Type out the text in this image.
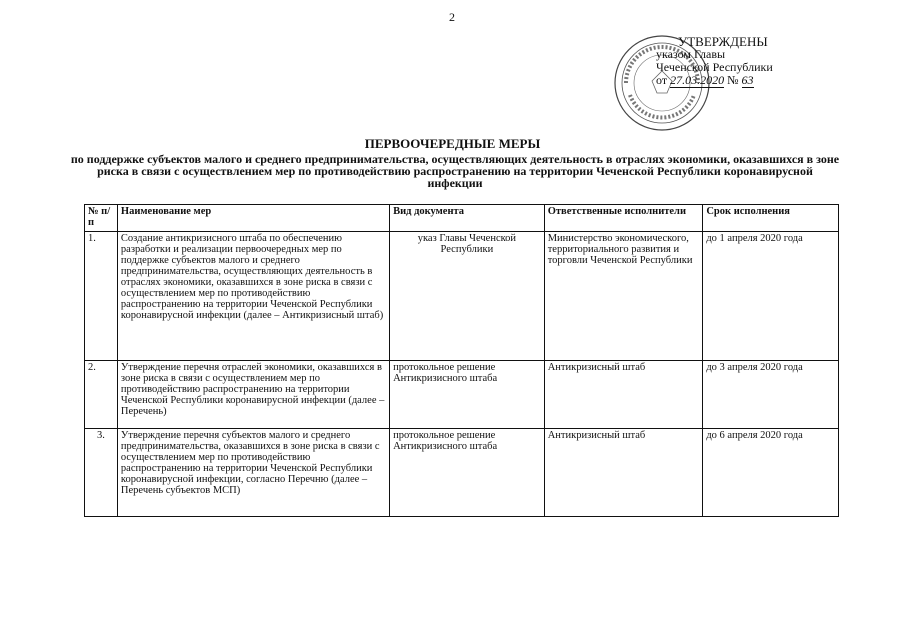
2
УТВЕРЖДЕНЫ
указом Главы
Чеченской Республики
от 27.03.2020 № 63
ПЕРВООЧЕРЕДНЫЕ МЕРЫ
по поддержке субъектов малого и среднего предпринимательства, осуществляющих деятельность в отраслях экономики, оказавшихся в зоне риска в связи с осуществлением мер по противодействию распространению на территории Чеченской Республики коронавирусной инфекции
№ п/п	Наименование мер	Вид документа	Ответственные исполнители	Срок исполнения
1.	Создание антикризисного штаба по обеспечению разработки и реализации первоочередных мер по поддержке субъектов малого и среднего предпринимательства, осуществляющих деятельность в отраслях экономики, оказавшихся в зоне риска в связи с осуществлением мер по противодействию распространению на территории Чеченской Республики коронавирусной инфекции (далее – Антикризисный штаб)	указ Главы Чеченской Республики	Министерство экономического, территориального развития и торговли Чеченской Республики	до 1 апреля 2020 года
2.	Утверждение перечня отраслей экономики, оказавшихся в зоне риска в связи с осуществлением мер по противодействию распространению на территории Чеченской Республики коронавирусной инфекции (далее –Перечень)	протокольное решение Антикризисного штаба	Антикризисный штаб	до 3 апреля 2020 года
3.	Утверждение перечня субъектов малого и среднего предпринимательства, оказавшихся в зоне риска в связи с осуществлением мер по противодействию распространению на территории Чеченской Республики коронавирусной инфекции, согласно Перечню (далее – Перечень субъектов МСП)	протокольное решение Антикризисного штаба	Антикризисный штаб	до 6 апреля 2020 года
